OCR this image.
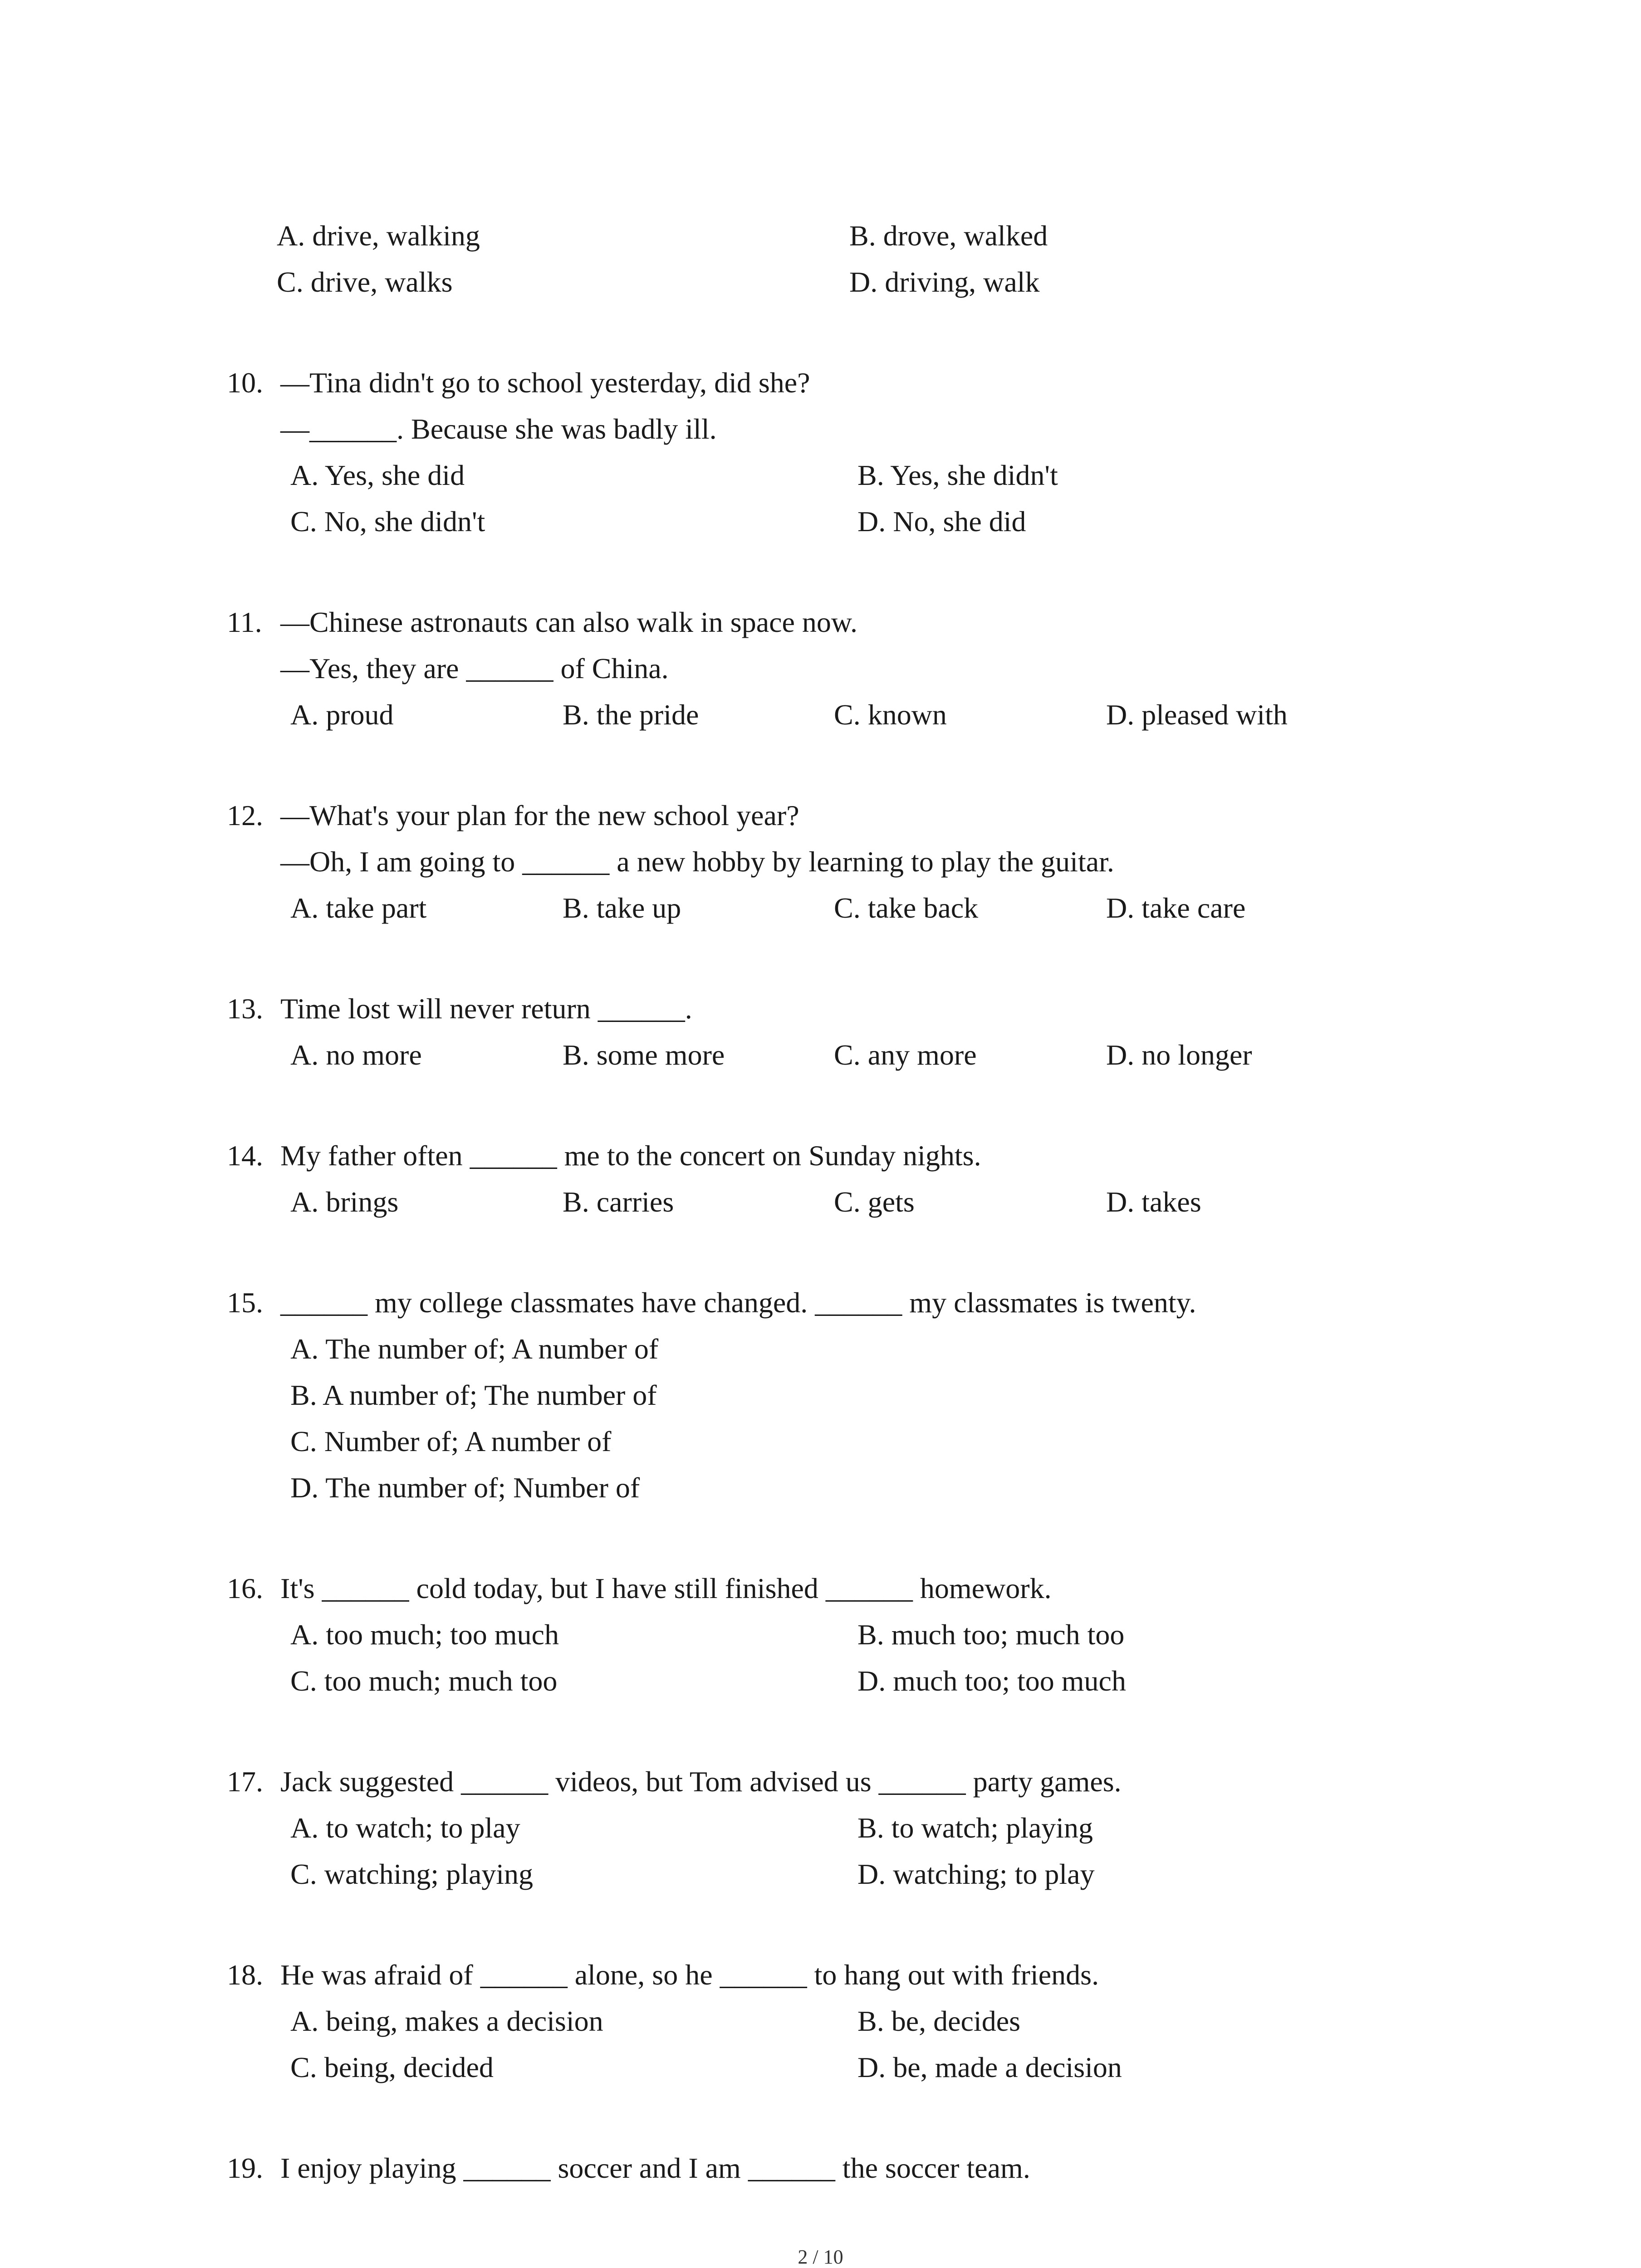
A. drive, walking	B. drove, walked
C. drive, walks	D. driving, walk
10. —Tina didn't go to school yesterday, did she?
—______. Because she was badly ill.
A. Yes, she did	B. Yes, she didn't
C. No, she didn't	D. No, she did
11. —Chinese astronauts can also walk in space now.
—Yes, they are ______ of China.
A. proud	B. the pride	C. known	D. pleased with
12. —What's your plan for the new school year?
—Oh, I am going to ______ a new hobby by learning to play the guitar.
A. take part	B. take up	C. take back	D. take care
13. Time lost will never return ______.
A. no more	B. some more	C. any more	D. no longer
14. My father often ______ me to the concert on Sunday nights.
A. brings	B. carries	C. gets	D. takes
15. ______ my college classmates have changed. ______ my classmates is twenty.
A. The number of; A number of
B. A number of; The number of
C. Number of; A number of
D. The number of; Number of
16. It's ______ cold today, but I have still finished ______ homework.
A. too much; too much	B. much too; much too
C. too much; much too	D. much too; too much
17. Jack suggested ______ videos, but Tom advised us ______ party games.
A. to watch; to play	B. to watch; playing
C. watching; playing	D. watching; to play
18. He was afraid of ______ alone, so he ______ to hang out with friends.
A. being, makes a decision	B. be, decides
C. being, decided	D. be, made a decision
19. I enjoy playing ______ soccer and I am ______ the soccer team.
2 / 10
